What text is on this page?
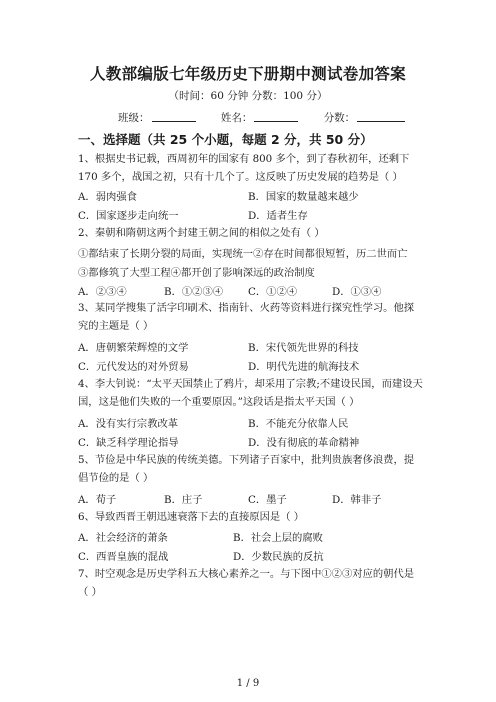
人教部编版七年级历史下册期中测试卷加答案
（时间：60 分钟 分数：100 分）
班级：	姓名：	分数：
一、选择题（共 25 个小题，每题 2 分，共 50 分）
1、根据史书记载，西周初年的国家有 800 多个，到了春秋初年，还剩下 170 多个，战国之初，只有十几个了。这反映了历史发展的趋势是（ ）
A．弱肉强食	B．国家的数量越来越少
C．国家逐步走向统一	D．适者生存
2、秦朝和隋朝这两个封建王朝之间的相似之处有（ ）
①都结束了长期分裂的局面，实现统一②存在时间都很短暂，历二世而亡
③都修筑了大型工程④都开创了影响深远的政治制度
A．②③④	B．①②③④ C．①②④	D．①③④
3、某同学搜集了活字印刷术、指南针、火药等资料进行探究性学习。他探究的主题是（ ）
A．唐朝繁荣辉煌的文学	B．宋代领先世界的科技
C．元代发达的对外贸易	D．明代先进的航海技术
4、李大钊说：“太平天国禁止了鸦片，却采用了宗教;不建设民国，而建设天国，这是他们失败的一个重要原因。”这段话是指太平天国（ ）
A．没有实行宗教改革	B．不能充分依靠人民
C．缺乏科学理论指导	D．没有彻底的革命精神
5、节俭是中华民族的传统美德。下列诸子百家中，批判贵族奢侈浪费，提倡节俭的是（ ）
A．荀子	B．庄子	C．墨子	D．韩非子
6、导致西晋王朝迅速衰落下去的直接原因是（ ）
A．社会经济的萧条	B．社会上层的腐败
C．西晋皇族的混战	D．少数民族的反抗
7、时空观念是历史学科五大核心素养之一。与下图中①②③对应的朝代是（ ）
1 / 9
